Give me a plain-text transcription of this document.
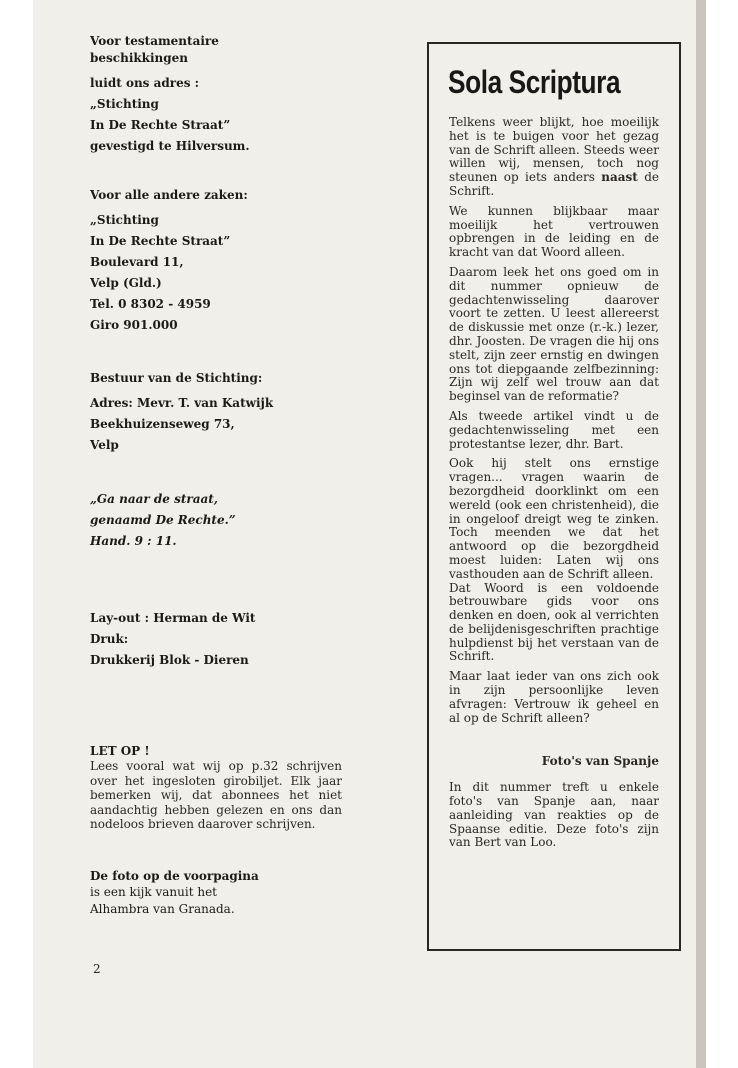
Voor testamentaire
beschikkingen
luidt ons adres :
„Stichting
In De Rechte Straat”
gevestigd te Hilversum.
Voor alle andere zaken:
„Stichting
In De Rechte Straat”
Boulevard 11,
Velp (Gld.)
Tel. 0 8302 - 4959
Giro 901.000
Bestuur van de Stichting:
Adres: Mevr. T. van Katwijk
Beekhuizenseweg 73,
Velp
„Ga naar de straat,
genaamd De Rechte.”
Hand. 9 : 11.
Lay-out : Herman de Wit
Druk:
Drukkerij Blok - Dieren
LET OP !

Lees vooral wat wij op p.32 schrijven over het ingesloten girobiljet. Elk jaar bemerken wij, dat abonnees het niet aandachtig hebben gelezen en ons dan nodeloos brieven daarover schrijven.

De foto op de voorpagina
is een kijk vanuit het
Alhambra van Granada.
2
Sola Scriptura

Telkens weer blijkt, hoe moeilijk het is te buigen voor het gezag van de Schrift alleen. Steeds weer willen wij, mensen, toch nog steunen op iets anders naast de Schrift.

We kunnen blijkbaar maar moeilijk het vertrouwen opbrengen in de leiding en de kracht van dat Woord alleen.

Daarom leek het ons goed om in dit nummer opnieuw de gedachtenwisseling daarover voort te zetten. U leest allereerst de diskussie met onze (r.-k.) lezer, dhr. Joosten. De vragen die hij ons stelt, zijn zeer ernstig en dwingen ons tot diepgaande zelfbezinning: Zijn wij zelf wel trouw aan dat beginsel van de reformatie?

Als tweede artikel vindt u de gedachtenwisseling met een protestantse lezer, dhr. Bart.

Ook hij stelt ons ernstige vragen... vragen waarin de bezorgdheid doorklinkt om een wereld (ook een christenheid), die in ongeloof dreigt weg te zinken. Toch meenden we dat het antwoord op die bezorgdheid moest luiden: Laten wij ons vasthouden aan de Schrift alleen.

Dat Woord is een voldoende betrouwbare gids voor ons denken en doen, ook al verrichten de belijdenisgeschriften prachtige hulpdienst bij het verstaan van de Schrift.

Maar laat ieder van ons zich ook in zijn persoonlijke leven afvragen: Vertrouw ik geheel en al op de Schrift alleen?

Foto's van Spanje

In dit nummer treft u enkele foto's van Spanje aan, naar aanleiding van reakties op de Spaanse editie. Deze foto's zijn van Bert van Loo.
